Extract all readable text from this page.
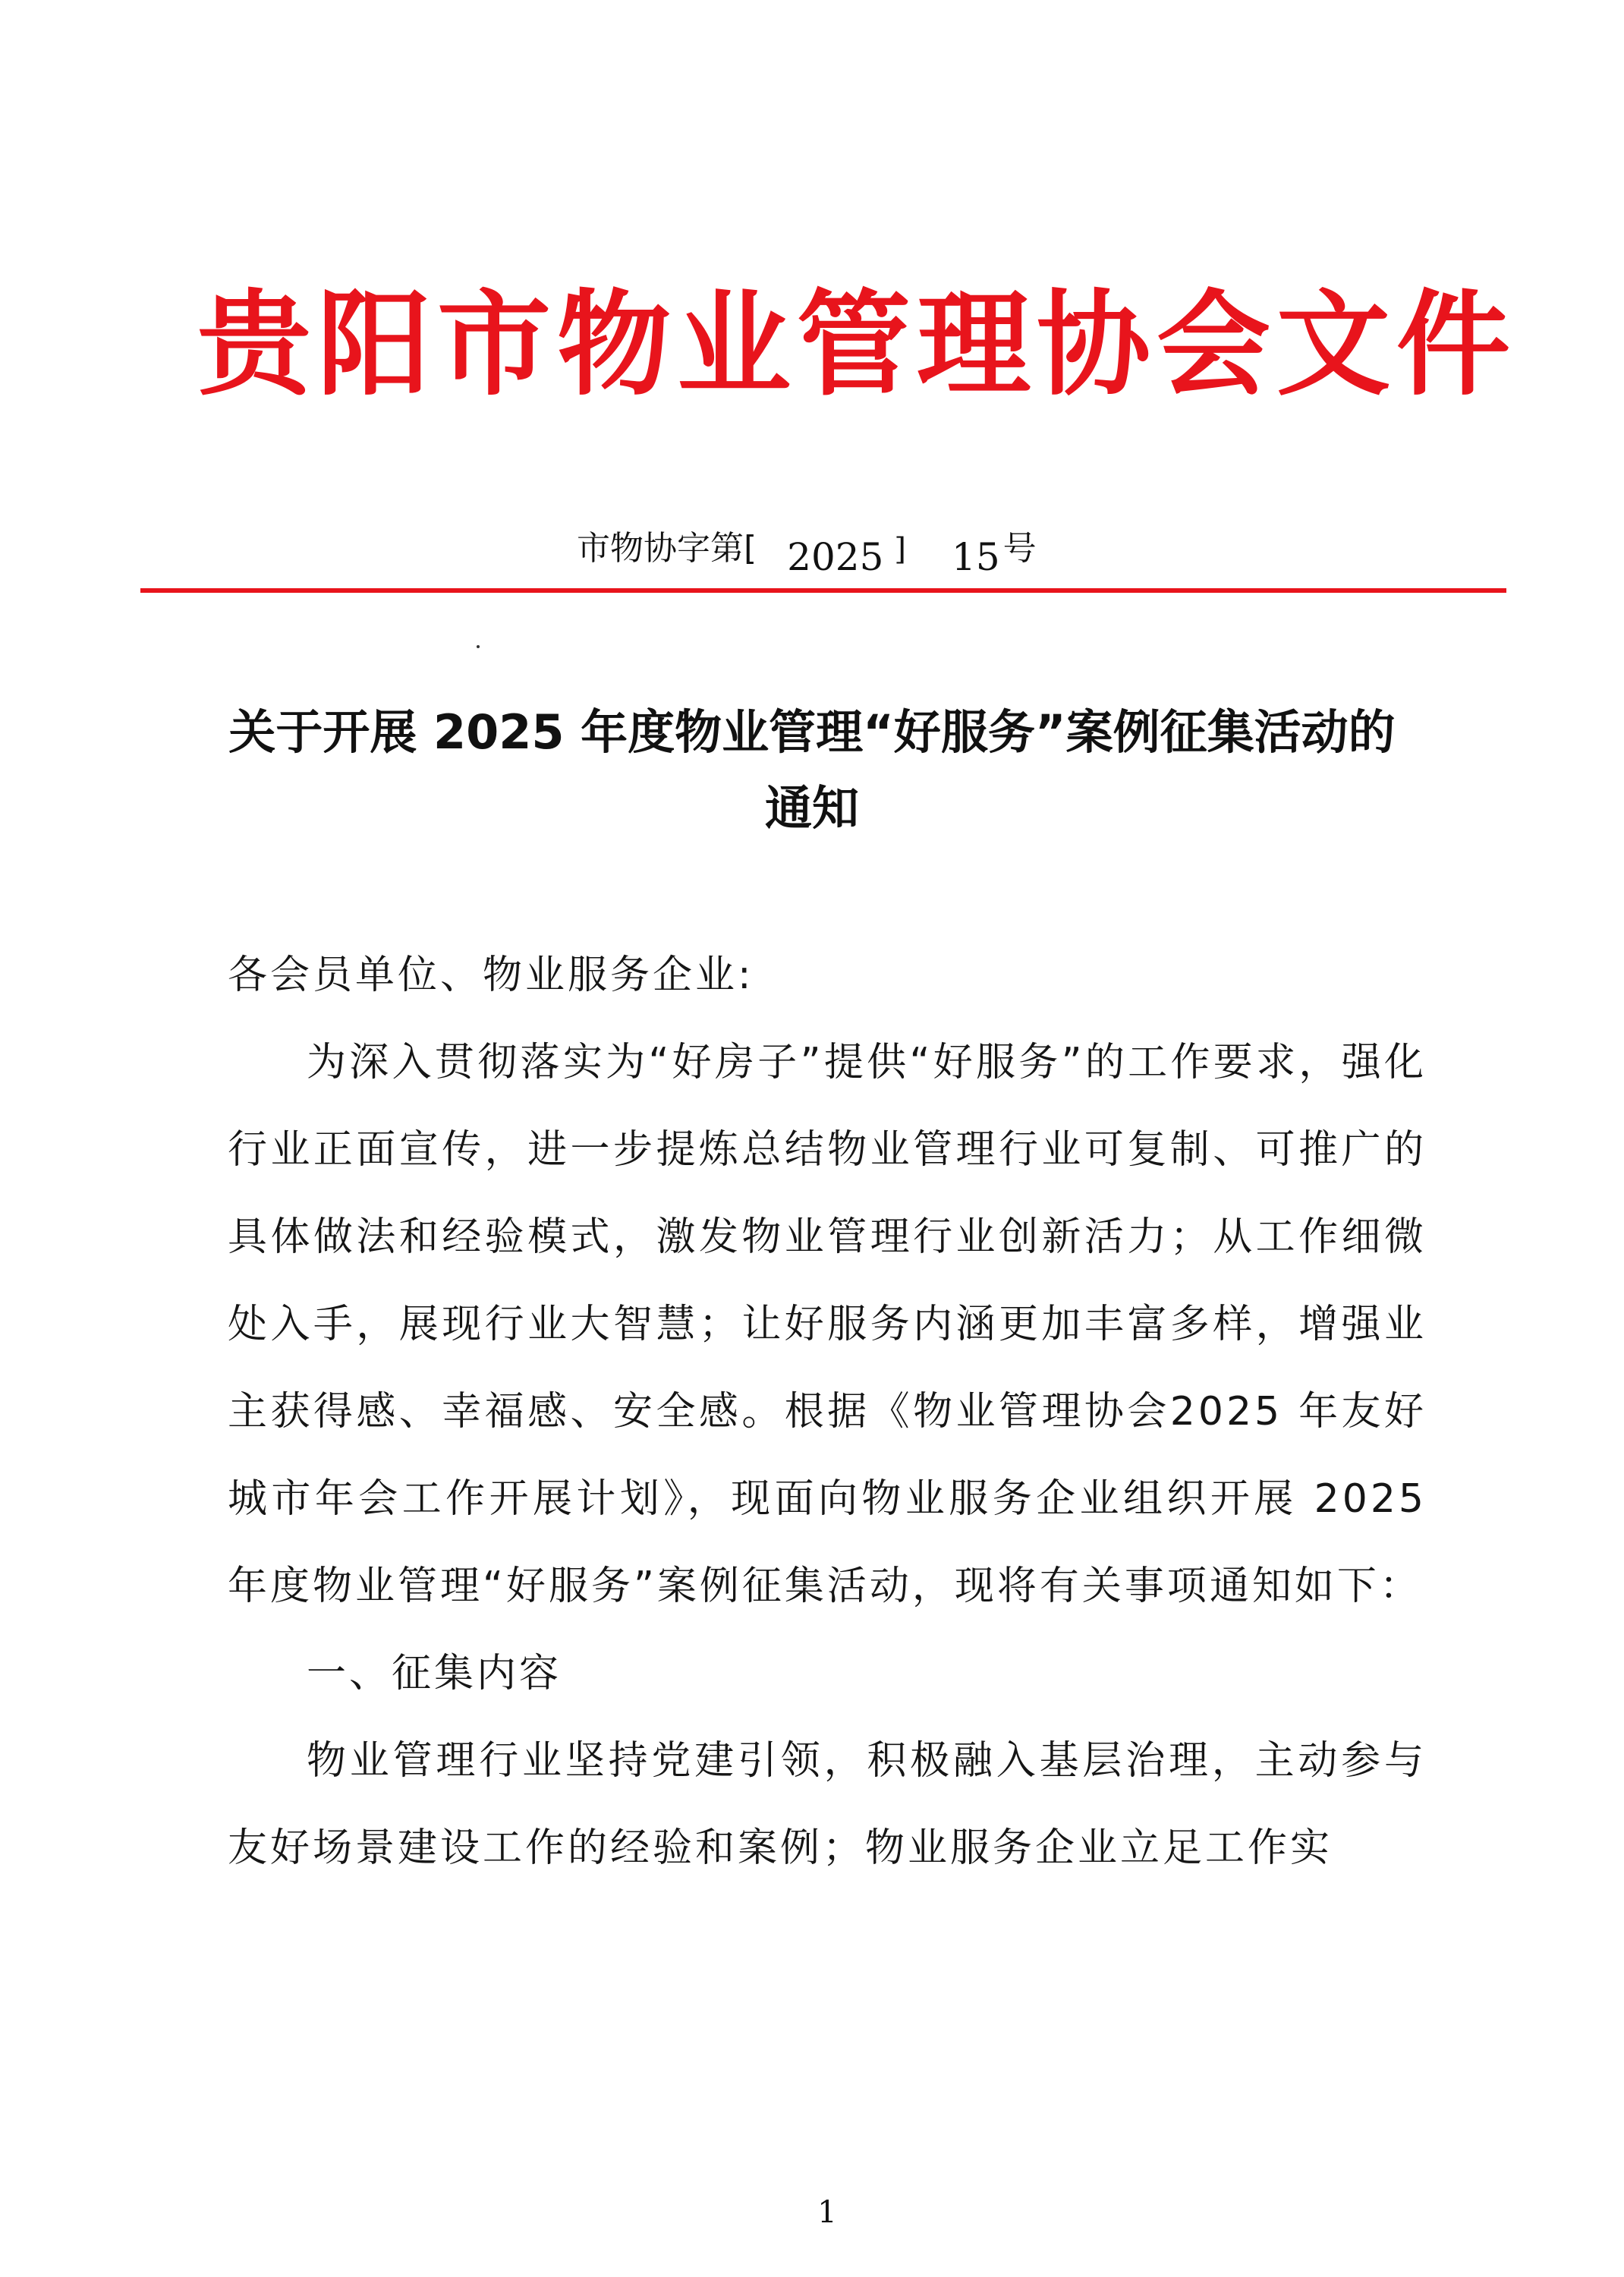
贵阳市物业管理协会文件
市物协字第[ 2025 ] 15号
关于开展 2025 年度物业管理“好服务”案例征集活动的
通知

各会员单位、物业服务企业:

为深入贯彻落实为“好房子”提供“好服务”的工作要求，强化行业正面宣传，进一步提炼总结物业管理行业可复制、可推广的具体做法和经验模式，激发物业管理行业创新活力；从工作细微处入手，展现行业大智慧；让好服务内涵更加丰富多样，增强业主获得感、幸福感、安全感。根据《物业管理协会2025 年友好城市年会工作开展计划》，现面向物业服务企业组织开展 2025 年度物业管理“好服务”案例征集活动，现将有关事项通知如下：

一、征集内容

物业管理行业坚持党建引领，积极融入基层治理，主动参与友好场景建设工作的经验和案例；物业服务企业立足工作实

1
